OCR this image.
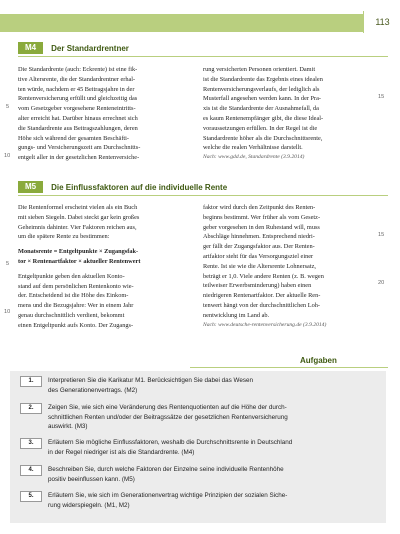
113
M4	Der Standardrentner

Die Standardrente (auch: Eckrente) ist eine fik-

tive Altersrente, die der Standardrentner erhal-

ten würde, nachdem er 45 Beitragsjahre in der

Rentenversicherung erfüllt und gleichzeitig das

vom Gesetzgeber vorgesehene Renteneintritts-

alter erreicht hat. Darüber hinaus errechnet sich

die Standardrente aus Beitragszahlungen, deren

Höhe sich während der gesamten Beschäfti-

gungs- und Versicherungszeit am Durchschnitts-

entgelt aller in der gesetzlichen Rentenversiche-

5
10

rung versicherten Personen orientiert. Damit

ist die Standardrente das Ergebnis eines idealen

Rentenversicherungsverlaufs, der lediglich als

Musterfall angesehen werden kann. In der Pra-

xis ist die Standardrente der Ausnahmefall, da

es kaum Rentenempfänger gibt, die diese Ideal-

voraussetzungen erfüllen. In der Regel ist die

Standardrente höher als die Durchschnittsrente,

welche die realen Verhältnisse darstellt.

Nach: www.gdd.de, Standardrente (3.9.2014)

15
M5	Die Einflussfaktoren auf die individuelle Rente

Die Rentenformel erscheint vielen als ein Buch

mit sieben Siegeln. Dabei steckt gar kein großes

Geheimnis dahinter. Vier Faktoren reichen aus,

um die spätere Rente zu bestimmen:

Monatsrente = Entgeltpunkte × Zugangsfak-

tor × Rentenartfaktor × aktueller Rentenwert

Entgeltpunkte geben den aktuellen Konto-

stand auf dem persönlichen Rentenkonto wie-

der. Entscheidend ist die Höhe des Einkom-

mens und die Bezugsjahre: Wer in einem Jahr

genau durchschnittlich verdient, bekommt

einen Entgeltpunkt aufs Konto. Der Zugangs-

5
10

faktor wird durch den Zeitpunkt des Renten-

beginns bestimmt. Wer früher als vom Gesetz-

geber vorgesehen in den Ruhestand will, muss

Abschläge hinnehmen. Entsprechend niedri-

ger fällt der Zugangsfaktor aus. Der Renten-

artfaktor steht für das Versorgungsziel einer

Rente. Ist sie wie die Altersrente Lohnersatz,

beträgt er 1,0. Viele andere Renten (z. B. wegen

teilweiser Erwerbsminderung) haben einen

niedrigeren Rentenartfaktor. Der aktuelle Ren-

tenwert hängt von der durchschnittlichen Loh-

nentwicklung im Land ab.

Nach: www.deutsche-rentenversicherung.de (3.9.2014)

15
20
Aufgaben
1.	Interpretieren Sie die Karikatur M1. Berücksichtigen Sie dabei das Wesen
des Generationenvertrags. (M2)
2.	Zeigen Sie, wie sich eine Veränderung des Rentenquotienten auf die Höhe der durch-
schnittlichen Renten und/oder der Beitragssätze der gesetzlichen Rentenversicherung
auswirkt. (M3)
3.	Erläutern Sie mögliche Einflussfaktoren, weshalb die Durchschnittsrente in Deutschland
in der Regel niedriger ist als die Standardrente. (M4)
4.	Beschreiben Sie, durch welche Faktoren der Einzelne seine individuelle Rentenhöhe
positiv beeinflussen kann. (M5)
5.	Erläutern Sie, wie sich im Generationenvertrag wichtige Prinzipien der sozialen Siche-
rung widerspiegeln. (M1, M2)
